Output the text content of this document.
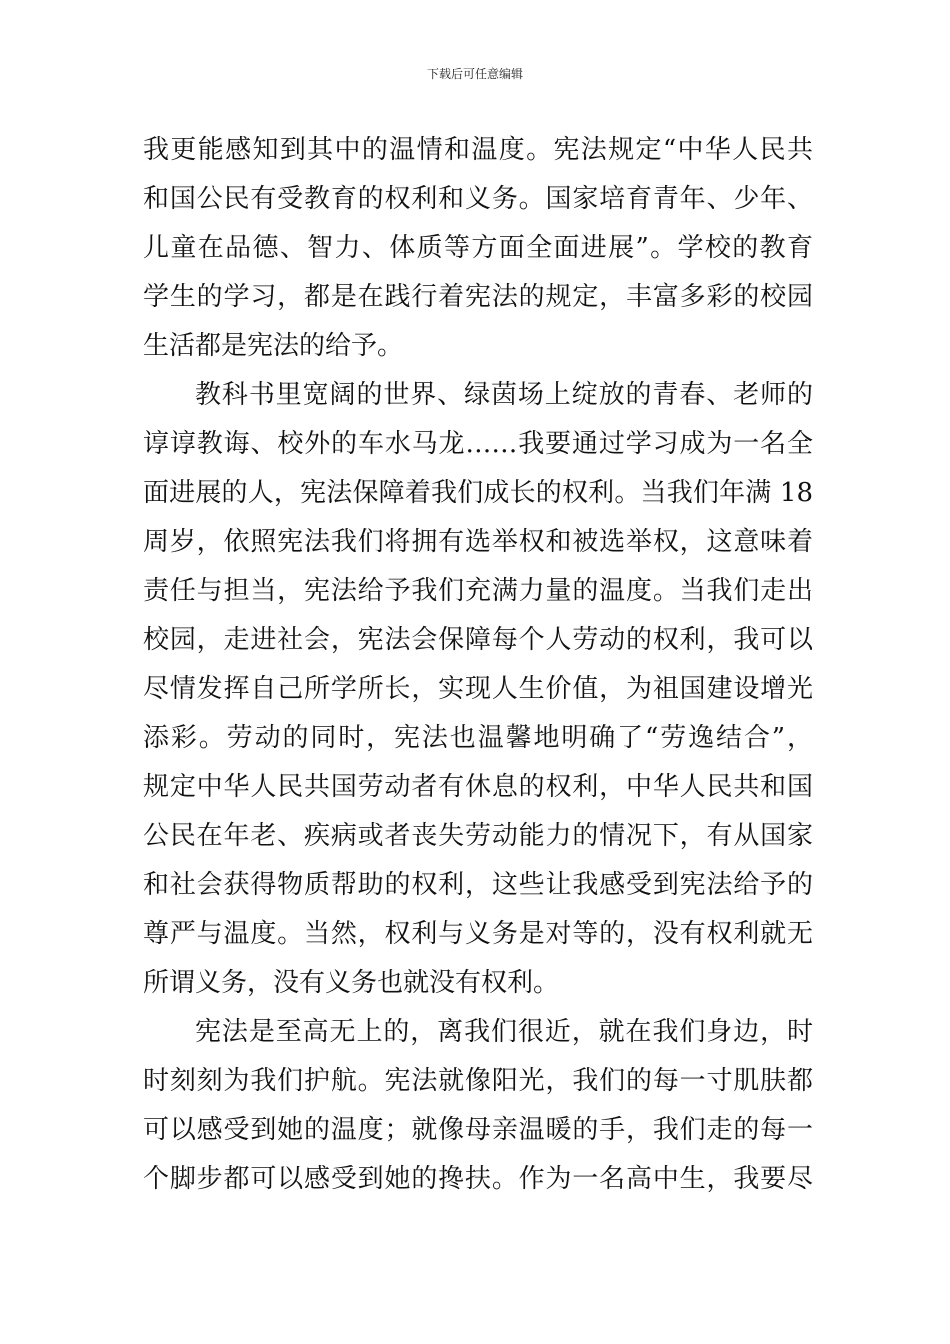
下载后可任意编辑
我更能感知到其中的温情和温度。宪法规定“中华人民共
和国公民有受教育的权利和义务。国家培育青年、少年、
儿童在品德、智力、体质等方面全面进展”。学校的教育
学生的学习，都是在践行着宪法的规定，丰富多彩的校园
生活都是宪法的给予。
教科书里宽阔的世界、绿茵场上绽放的青春、老师的
谆谆教诲、校外的车水马龙……我要通过学习成为一名全
面进展的人，宪法保障着我们成长的权利。当我们年满 18
周岁，依照宪法我们将拥有选举权和被选举权，这意味着
责任与担当，宪法给予我们充满力量的温度。当我们走出
校园，走进社会，宪法会保障每个人劳动的权利，我可以
尽情发挥自己所学所长，实现人生价值，为祖国建设增光
添彩。劳动的同时，宪法也温馨地明确了“劳逸结合”，
规定中华人民共国劳动者有休息的权利，中华人民共和国
公民在年老、疾病或者丧失劳动能力的情况下，有从国家
和社会获得物质帮助的权利，这些让我感受到宪法给予的
尊严与温度。当然，权利与义务是对等的，没有权利就无
所谓义务，没有义务也就没有权利。
宪法是至高无上的，离我们很近，就在我们身边，时
时刻刻为我们护航。宪法就像阳光，我们的每一寸肌肤都
可以感受到她的温度；就像母亲温暖的手，我们走的每一
个脚步都可以感受到她的搀扶。作为一名高中生，我要尽
